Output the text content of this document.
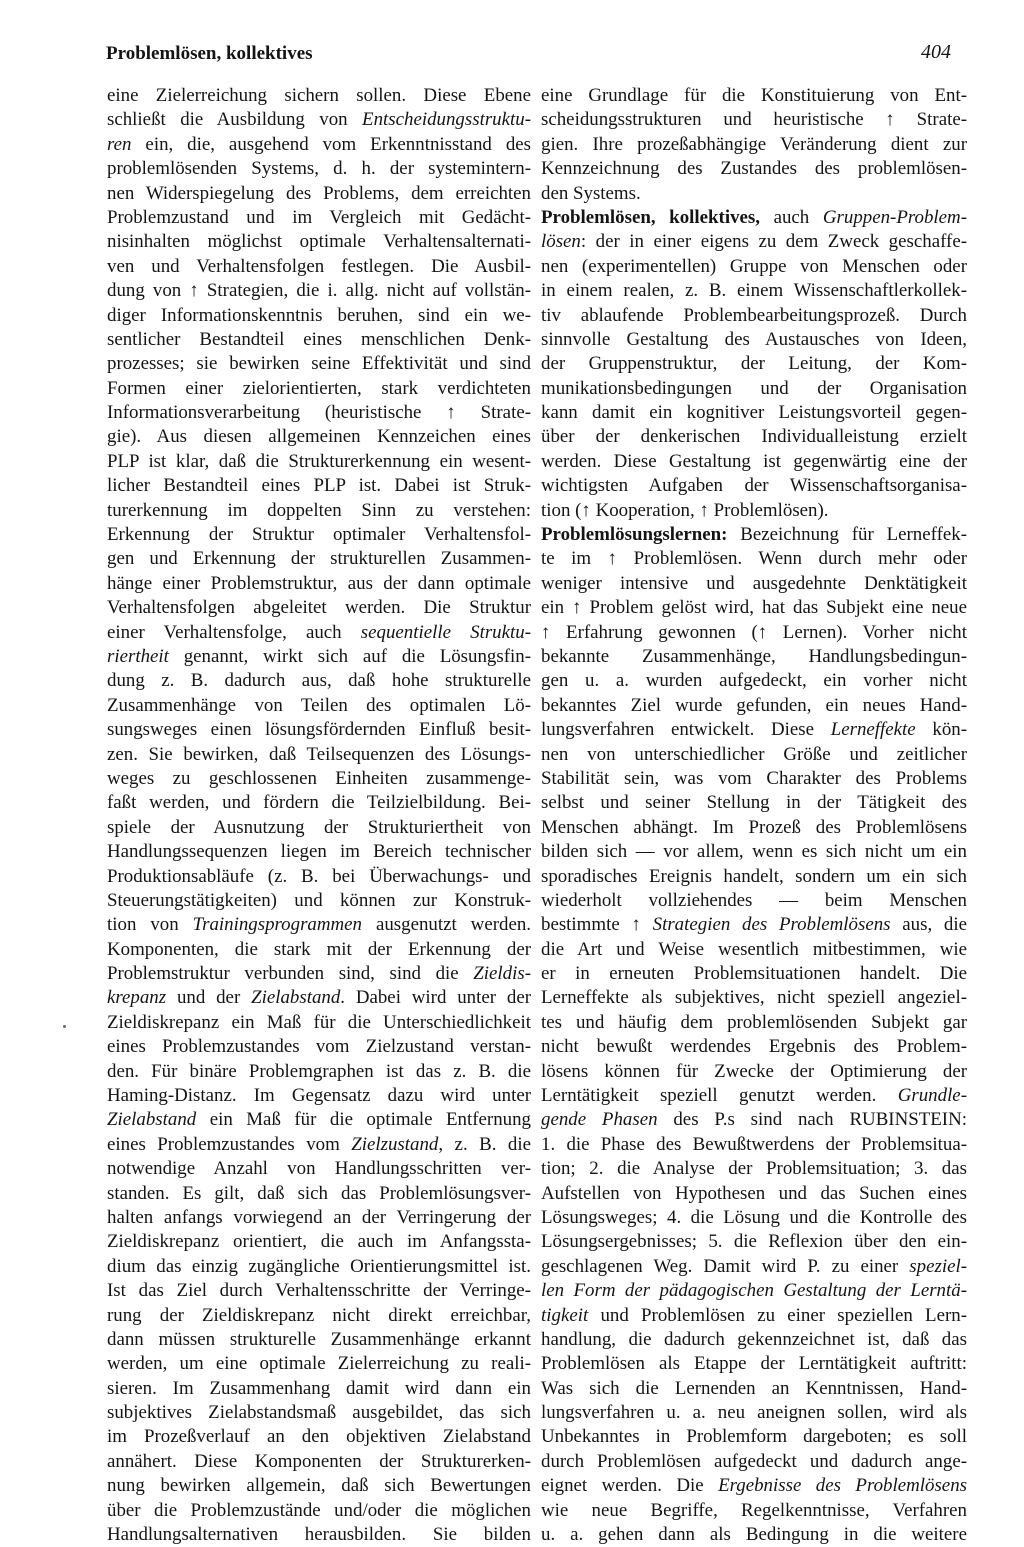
Problemlösen, kollektives	404
eine Zielerreichung sichern sollen. Diese Ebene
schließt die Ausbildung von Entscheidungsstruktu-
ren ein, die, ausgehend vom Erkenntnisstand des
problemlösenden Systems, d. h. der systemintern-
nen Widerspiegelung des Problems, dem erreichten
Problemzustand und im Vergleich mit Gedächt-
nisinhalten möglichst optimale Verhaltensalternati-
ven und Verhaltensfolgen festlegen. Die Ausbil-
dung von ↑ Strategien, die i. allg. nicht auf vollstän-
diger Informationskenntnis beruhen, sind ein we-
sentlicher Bestandteil eines menschlichen Denk-
prozesses; sie bewirken seine Effektivität und sind
Formen einer zielorientierten, stark verdichteten
Informationsverarbeitung (heuristische ↑ Strate-
gie). Aus diesen allgemeinen Kennzeichen eines
PLP ist klar, daß die Strukturerkennung ein wesent-
licher Bestandteil eines PLP ist. Dabei ist Struk-
turerkennung im doppelten Sinn zu verstehen:
Erkennung der Struktur optimaler Verhaltensfol-
gen und Erkennung der strukturellen Zusammen-
hänge einer Problemstruktur, aus der dann optimale
Verhaltensfolgen abgeleitet werden. Die Struktur
einer Verhaltensfolge, auch sequentielle Struktu-
riertheit genannt, wirkt sich auf die Lösungsfin-
dung z. B. dadurch aus, daß hohe strukturelle
Zusammenhänge von Teilen des optimalen Lö-
sungsweges einen lösungsfördernden Einfluß besit-
zen. Sie bewirken, daß Teilsequenzen des Lösungs-
weges zu geschlossenen Einheiten zusammenge-
faßt werden, und fördern die Teilzielbildung. Bei-
spiele der Ausnutzung der Strukturiertheit von
Handlungssequenzen liegen im Bereich technischer
Produktionsabläufe (z. B. bei Überwachungs- und
Steuerungstätigkeiten) und können zur Konstruk-
tion von Trainingsprogrammen ausgenutzt werden.
Komponenten, die stark mit der Erkennung der
Problemstruktur verbunden sind, sind die Zieldis-
krepanz und der Zielabstand. Dabei wird unter der
Zieldiskrepanz ein Maß für die Unterschiedlichkeit
eines Problemzustandes vom Zielzustand verstan-
den. Für binäre Problemgraphen ist das z. B. die
Haming-Distanz. Im Gegensatz dazu wird unter
Zielabstand ein Maß für die optimale Entfernung
eines Problemzustandes vom Zielzustand, z. B. die
notwendige Anzahl von Handlungsschritten ver-
standen. Es gilt, daß sich das Problemlösungsver-
halten anfangs vorwiegend an der Verringerung der
Zieldiskrepanz orientiert, die auch im Anfangssta-
dium das einzig zugängliche Orientierungsmittel ist.
Ist das Ziel durch Verhaltensschritte der Verringe-
rung der Zieldiskrepanz nicht direkt erreichbar,
dann müssen strukturelle Zusammenhänge erkannt
werden, um eine optimale Zielerreichung zu reali-
sieren. Im Zusammenhang damit wird dann ein
subjektives Zielabstandsmaß ausgebildet, das sich
im Prozeßverlauf an den objektiven Zielabstand
annähert. Diese Komponenten der Strukturerken-
nung bewirken allgemein, daß sich Bewertungen
über die Problemzustände und/oder die möglichen
Handlungsalternativen herausbilden. Sie bilden
eine Grundlage für die Konstituierung von Ent-
scheidungsstrukturen und heuristische ↑ Strate-
gien. Ihre prozeßabhängige Veränderung dient zur
Kennzeichnung des Zustandes des problemlösen-
den Systems.
Problemlösen, kollektives, auch Gruppen-Problem-
lösen: der in einer eigens zu dem Zweck geschaffe-
nen (experimentellen) Gruppe von Menschen oder
in einem realen, z. B. einem Wissenschaftlerkollek-
tiv ablaufende Problembearbeitungsprozeß. Durch
sinnvolle Gestaltung des Austausches von Ideen,
der Gruppenstruktur, der Leitung, der Kom-
munikationsbedingungen und der Organisation
kann damit ein kognitiver Leistungsvorteil gegen-
über der denkerischen Individualleistung erzielt
werden. Diese Gestaltung ist gegenwärtig eine der
wichtigsten Aufgaben der Wissenschaftsorganisa-
tion (↑ Kooperation, ↑ Problemlösen).
Problemlösungslernen: Bezeichnung für Lerneffek-
te im ↑ Problemlösen. Wenn durch mehr oder
weniger intensive und ausgedehnte Denktätigkeit
ein ↑ Problem gelöst wird, hat das Subjekt eine neue
↑ Erfahrung gewonnen (↑ Lernen). Vorher nicht
bekannte Zusammenhänge, Handlungsbedingun-
gen u. a. wurden aufgedeckt, ein vorher nicht
bekanntes Ziel wurde gefunden, ein neues Hand-
lungsverfahren entwickelt. Diese Lerneffekte kön-
nen von unterschiedlicher Größe und zeitlicher
Stabilität sein, was vom Charakter des Problems
selbst und seiner Stellung in der Tätigkeit des
Menschen abhängt. Im Prozeß des Problemlösens
bilden sich — vor allem, wenn es sich nicht um ein
sporadisches Ereignis handelt, sondern um ein sich
wiederholt vollziehendes — beim Menschen
bestimmte ↑ Strategien des Problemlösens aus, die
die Art und Weise wesentlich mitbestimmen, wie
er in erneuten Problemsituationen handelt. Die
Lerneffekte als subjektives, nicht speziell angeziel-
tes und häufig dem problemlösenden Subjekt gar
nicht bewußt werdendes Ergebnis des Problem-
lösens können für Zwecke der Optimierung der
Lerntätigkeit speziell genutzt werden. Grundle-
gende Phasen des P.s sind nach RUBINSTEIN:
1. die Phase des Bewußtwerdens der Problemsitua-
tion; 2. die Analyse der Problemsituation; 3. das
Aufstellen von Hypothesen und das Suchen eines
Lösungsweges; 4. die Lösung und die Kontrolle des
Lösungsergebnisses; 5. die Reflexion über den ein-
geschlagenen Weg. Damit wird P. zu einer speziel-
len Form der pädagogischen Gestaltung der Lerntä-
tigkeit und Problemlösen zu einer speziellen Lern-
handlung, die dadurch gekennzeichnet ist, daß das
Problemlösen als Etappe der Lerntätigkeit auftritt:
Was sich die Lernenden an Kenntnissen, Hand-
lungsverfahren u. a. neu aneignen sollen, wird als
Unbekanntes in Problemform dargeboten; es soll
durch Problemlösen aufgedeckt und dadurch ange-
eignet werden. Die Ergebnisse des Problemlösens
wie neue Begriffe, Regelkenntnisse, Verfahren
u. a. gehen dann als Bedingung in die weitere
